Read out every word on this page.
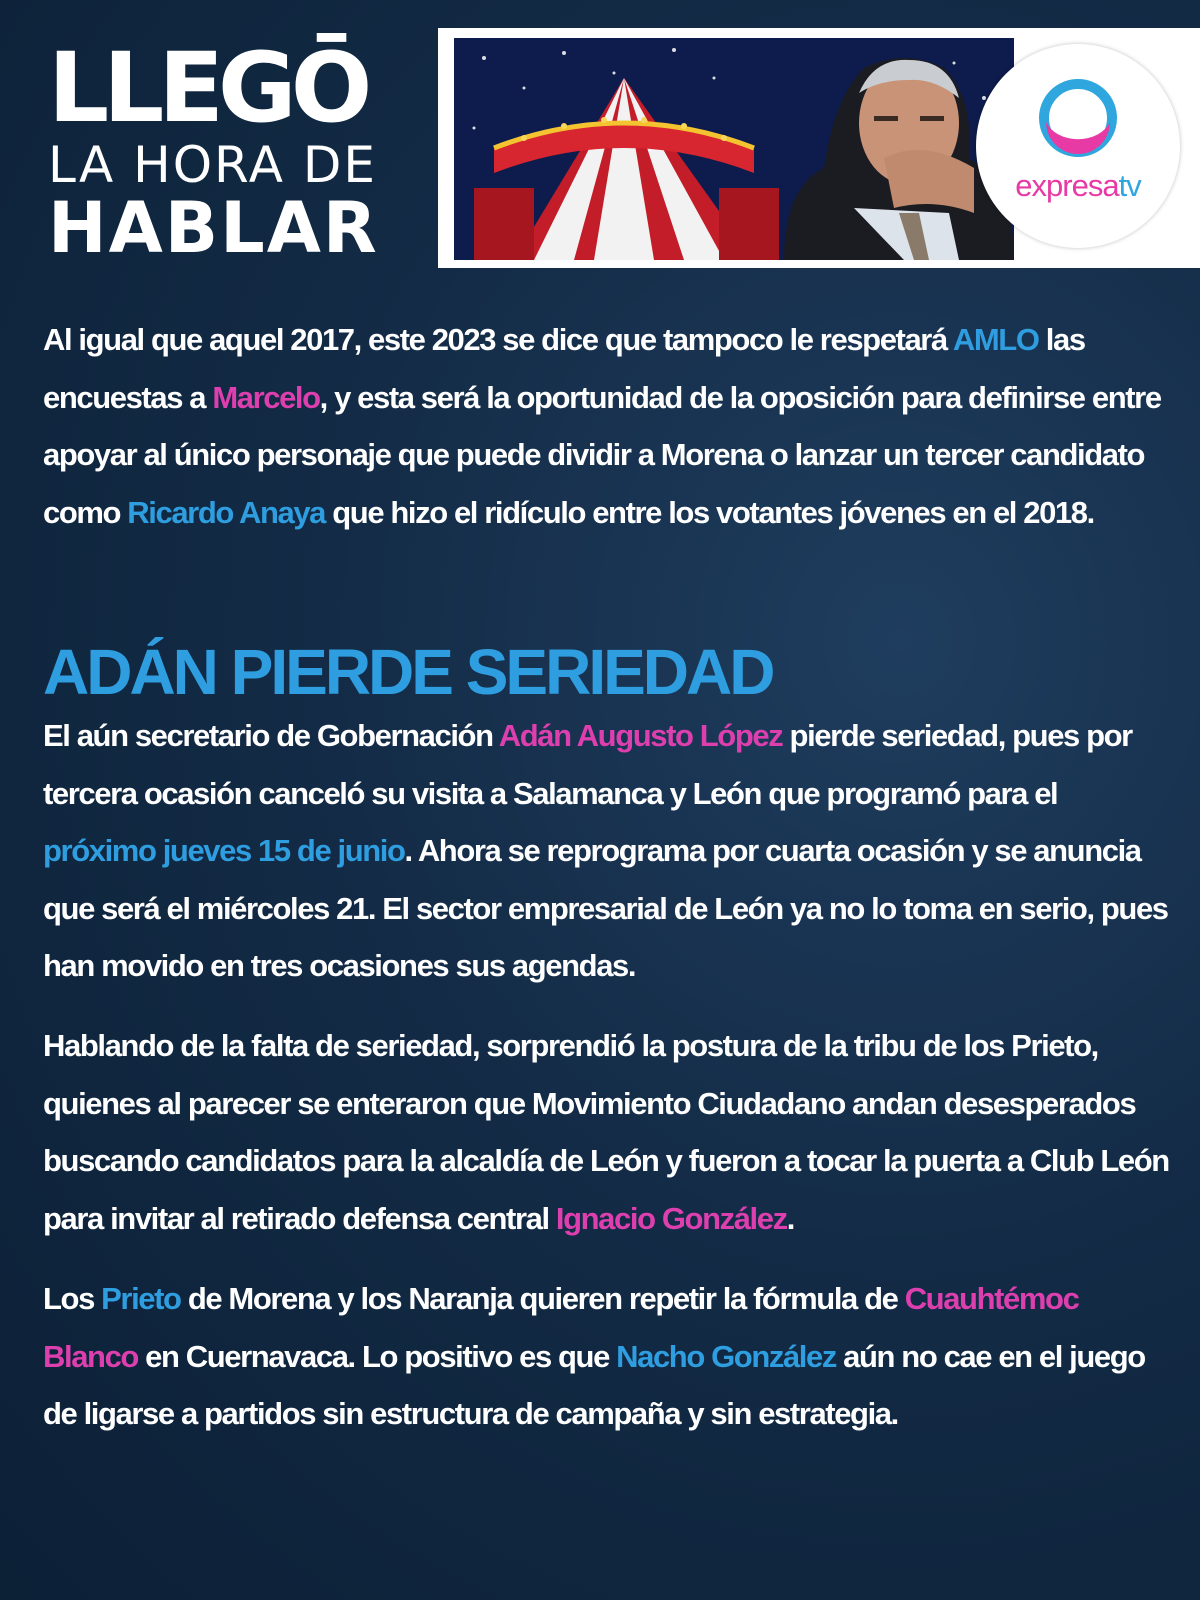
LLEGŌ
LA HORA DE
HABLAR
expresatv

Al igual que aquel 2017, este 2023 se dice que tampoco le respetará AMLO las encuestas a Marcelo, y esta será la oportunidad de la oposición para definirse entre apoyar al único personaje que puede dividir a Morena o lanzar un tercer candidato como Ricardo Anaya que hizo el ridículo entre los votantes jóvenes en el 2018.

ADÁN PIERDE SERIEDAD

El aún secretario de Gobernación Adán Augusto López pierde seriedad, pues por tercera ocasión canceló su visita a Salamanca y León que programó para el próximo jueves 15 de junio. Ahora se reprograma por cuarta ocasión y se anuncia que será el miércoles 21. El sector empresarial de León ya no lo toma en serio, pues han movido en tres ocasiones sus agendas.

Hablando de la falta de seriedad, sorprendió la postura de la tribu de los Prieto, quienes al parecer se enteraron que Movimiento Ciudadano andan desesperados buscando candidatos para la alcaldía de León y fueron a tocar la puerta a Club León para invitar al retirado defensa central Ignacio González.

Los Prieto de Morena y los Naranja quieren repetir la fórmula de Cuauhtémoc Blanco en Cuernavaca. Lo positivo es que Nacho González aún no cae en el juego de ligarse a partidos sin estructura de campaña y sin estrategia.
